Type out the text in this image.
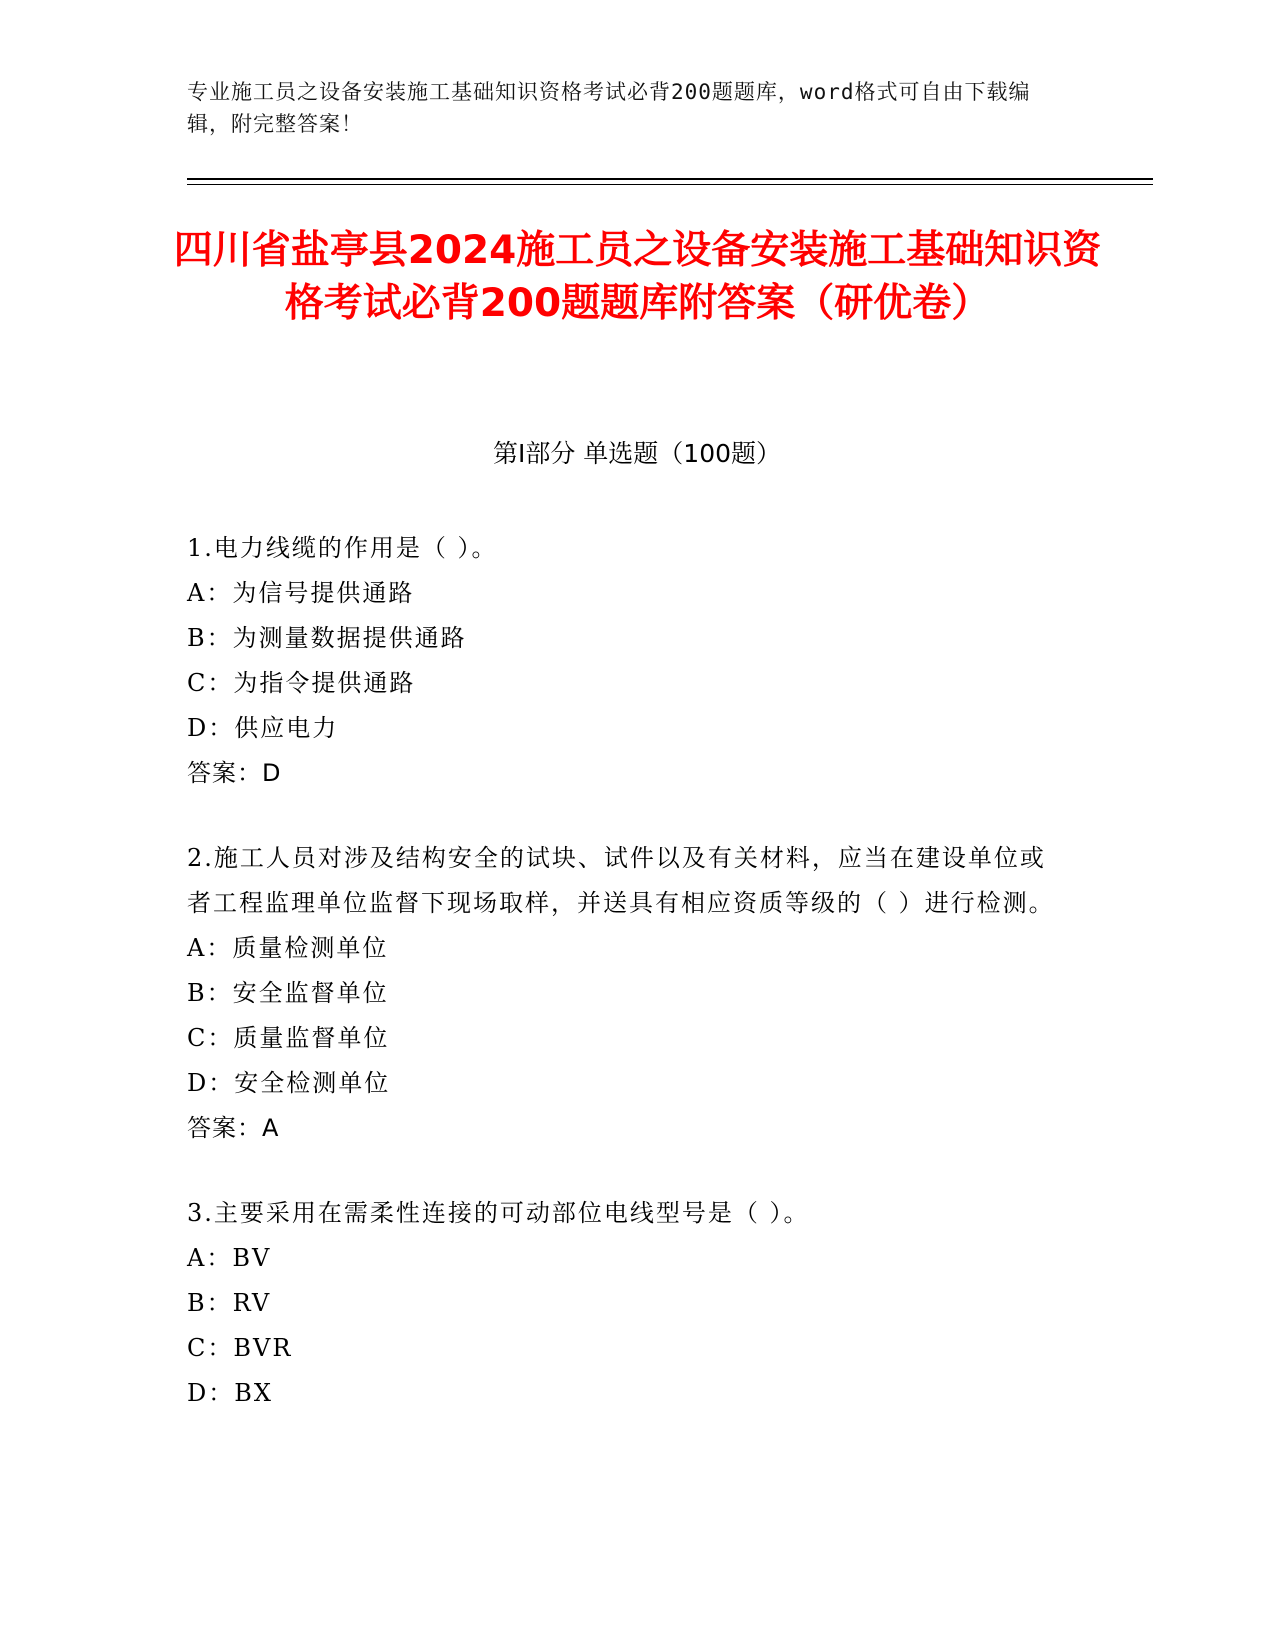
专业施工员之设备安装施工基础知识资格考试必背200题题库，word格式可自由下载编辑，附完整答案！
四川省盐亭县2024施工员之设备安装施工基础知识资格考试必背200题题库附答案（研优卷）
第Ⅰ部分 单选题（100题）
1.电力线缆的作用是（ ）。
A：为信号提供通路
B：为测量数据提供通路
C：为指令提供通路
D：供应电力
答案：D
2.施工人员对涉及结构安全的试块、试件以及有关材料，应当在建设单位或者工程监理单位监督下现场取样，并送具有相应资质等级的（ ）进行检测。
A：质量检测单位
B：安全监督单位
C：质量监督单位
D：安全检测单位
答案：A
3.主要采用在需柔性连接的可动部位电线型号是（ ）。
A：BV
B：RV
C：BVR
D：BX
